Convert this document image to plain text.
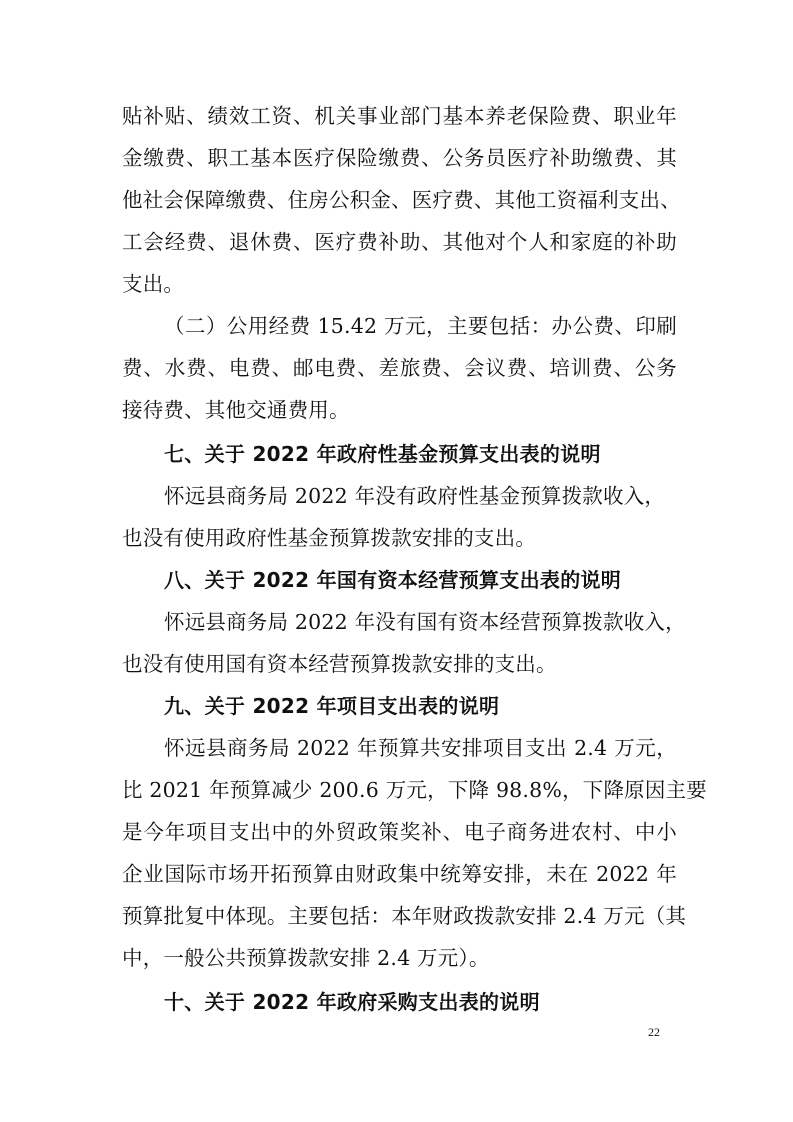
贴补贴、绩效工资、机关事业部门基本养老保险费、职业年
金缴费、职工基本医疗保险缴费、公务员医疗补助缴费、其
他社会保障缴费、住房公积金、医疗费、其他工资福利支出、
工会经费、退休费、医疗费补助、其他对个人和家庭的补助
支出。
（二）公用经费 15.42 万元，主要包括：办公费、印刷
费、水费、电费、邮电费、差旅费、会议费、培训费、公务
接待费、其他交通费用。
七、关于 2022 年政府性基金预算支出表的说明
怀远县商务局 2022 年没有政府性基金预算拨款收入，
也没有使用政府性基金预算拨款安排的支出。
八、关于 2022 年国有资本经营预算支出表的说明
怀远县商务局 2022 年没有国有资本经营预算拨款收入，
也没有使用国有资本经营预算拨款安排的支出。
九、关于 2022 年项目支出表的说明
怀远县商务局 2022 年预算共安排项目支出 2.4 万元，
比 2021 年预算减少 200.6 万元，下降 98.8%，下降原因主要
是今年项目支出中的外贸政策奖补、电子商务进农村、中小
企业国际市场开拓预算由财政集中统筹安排，未在 2022 年
预算批复中体现。主要包括：本年财政拨款安排 2.4 万元（其
中，一般公共预算拨款安排 2.4 万元）。
十、关于 2022 年政府采购支出表的说明
22
